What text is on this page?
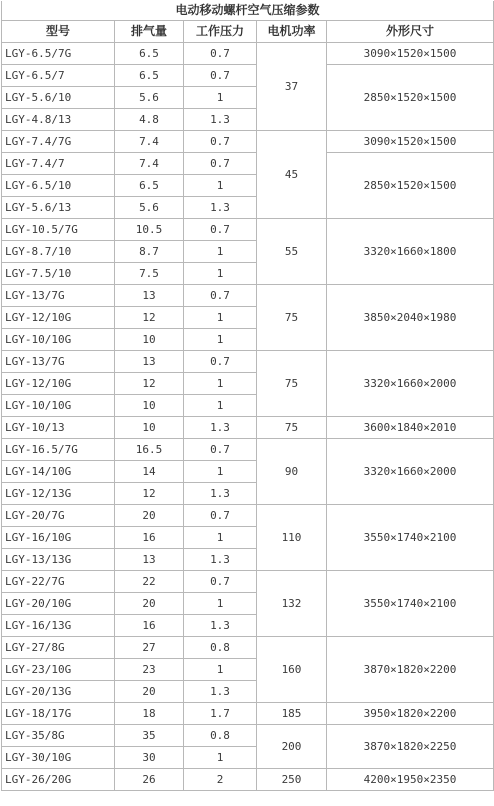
电动移动螺杆空气压缩参数				
型号	排气量	工作压力	电机功率	外形尺寸
LGY-6.5/7G	6.5	0.7	37	3090×1520×1500
LGY-6.5/7	6.5	0.7		2850×1520×1500
LGY-5.6/10	5.6	1		
LGY-4.8/13	4.8	1.3		
LGY-7.4/7G	7.4	0.7	45	3090×1520×1500
LGY-7.4/7	7.4	0.7		2850×1520×1500
LGY-6.5/10	6.5	1		
LGY-5.6/13	5.6	1.3		
LGY-10.5/7G	10.5	0.7	55	3320×1660×1800
LGY-8.7/10	8.7	1		
LGY-7.5/10	7.5	1		
LGY-13/7G	13	0.7	75	3850×2040×1980
LGY-12/10G	12	1		
LGY-10/10G	10	1		
LGY-13/7G	13	0.7	75	3320×1660×2000
LGY-12/10G	12	1		
LGY-10/10G	10	1		
LGY-10/13	10	1.3	75	3600×1840×2010
LGY-16.5/7G	16.5	0.7	90	3320×1660×2000
LGY-14/10G	14	1		
LGY-12/13G	12	1.3		
LGY-20/7G	20	0.7	110	3550×1740×2100
LGY-16/10G	16	1		
LGY-13/13G	13	1.3		
LGY-22/7G	22	0.7	132	3550×1740×2100
LGY-20/10G	20	1		
LGY-16/13G	16	1.3		
LGY-27/8G	27	0.8	160	3870×1820×2200
LGY-23/10G	23	1		
LGY-20/13G	20	1.3		
LGY-18/17G	18	1.7	185	3950×1820×2200
LGY-35/8G	35	0.8	200	3870×1820×2250
LGY-30/10G	30	1		
LGY-26/20G	26	2	250	4200×1950×2350
